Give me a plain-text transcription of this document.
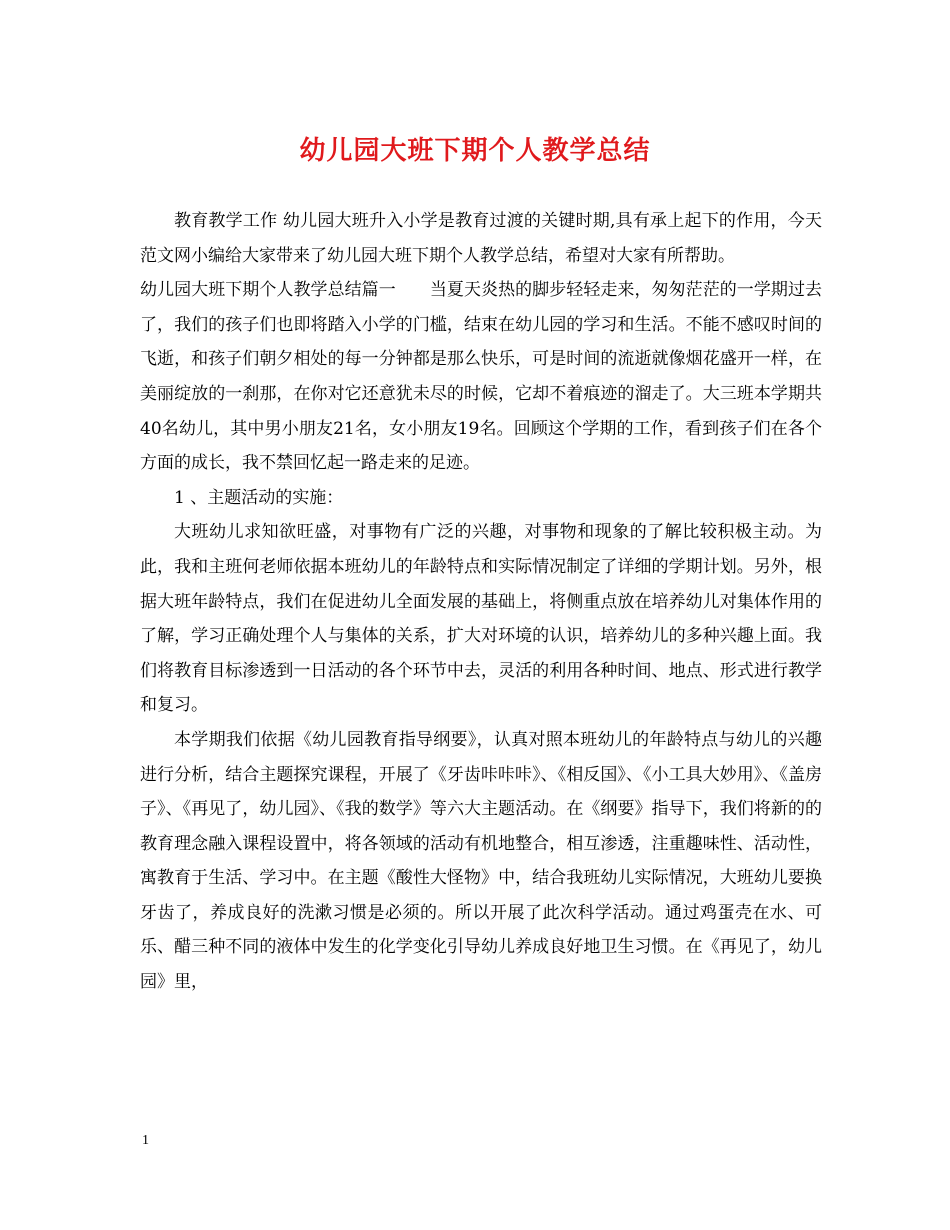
幼儿园大班下期个人教学总结

教育教学工作 幼儿园大班升入小学是教育过渡的关键时期,具有承上起下的作用，今天范文网小编给大家带来了幼儿园大班下期个人教学总结，希望对大家有所帮助。

幼儿园大班下期个人教学总结篇一　　当夏天炎热的脚步轻轻走来，匆匆茫茫的一学期过去了，我们的孩子们也即将踏入小学的门槛，结束在幼儿园的学习和生活。不能不感叹时间的飞逝，和孩子们朝夕相处的每一分钟都是那么快乐，可是时间的流逝就像烟花盛开一样，在美丽绽放的一刹那，在你对它还意犹未尽的时候，它却不着痕迹的溜走了。大三班本学期共40名幼儿，其中男小朋友21名，女小朋友19名。回顾这个学期的工作，看到孩子们在各个方面的成长，我不禁回忆起一路走来的足迹。

1 、主题活动的实施：

大班幼儿求知欲旺盛，对事物有广泛的兴趣，对事物和现象的了解比较积极主动。为此，我和主班何老师依据本班幼儿的年龄特点和实际情况制定了详细的学期计划。另外，根据大班年龄特点，我们在促进幼儿全面发展的基础上，将侧重点放在培养幼儿对集体作用的了解，学习正确处理个人与集体的关系，扩大对环境的认识，培养幼儿的多种兴趣上面。我们将教育目标渗透到一日活动的各个环节中去，灵活的利用各种时间、地点、形式进行教学和复习。

本学期我们依据《幼儿园教育指导纲要》，认真对照本班幼儿的年龄特点与幼儿的兴趣进行分析，结合主题探究课程，开展了《牙齿咔咔咔》、《相反国》、《小工具大妙用》、《盖房子》、《再见了，幼儿园》、《我的数学》等六大主题活动。在《纲要》指导下，我们将新的的教育理念融入课程设置中，将各领域的活动有机地整合，相互渗透，注重趣味性、活动性，寓教育于生活、学习中。在主题《酸性大怪物》中，结合我班幼儿实际情况，大班幼儿要换牙齿了，养成良好的洗漱习惯是必须的。所以开展了此次科学活动。通过鸡蛋壳在水、可乐、醋三种不同的液体中发生的化学变化引导幼儿养成良好地卫生习惯。在《再见了，幼儿园》里，

1
